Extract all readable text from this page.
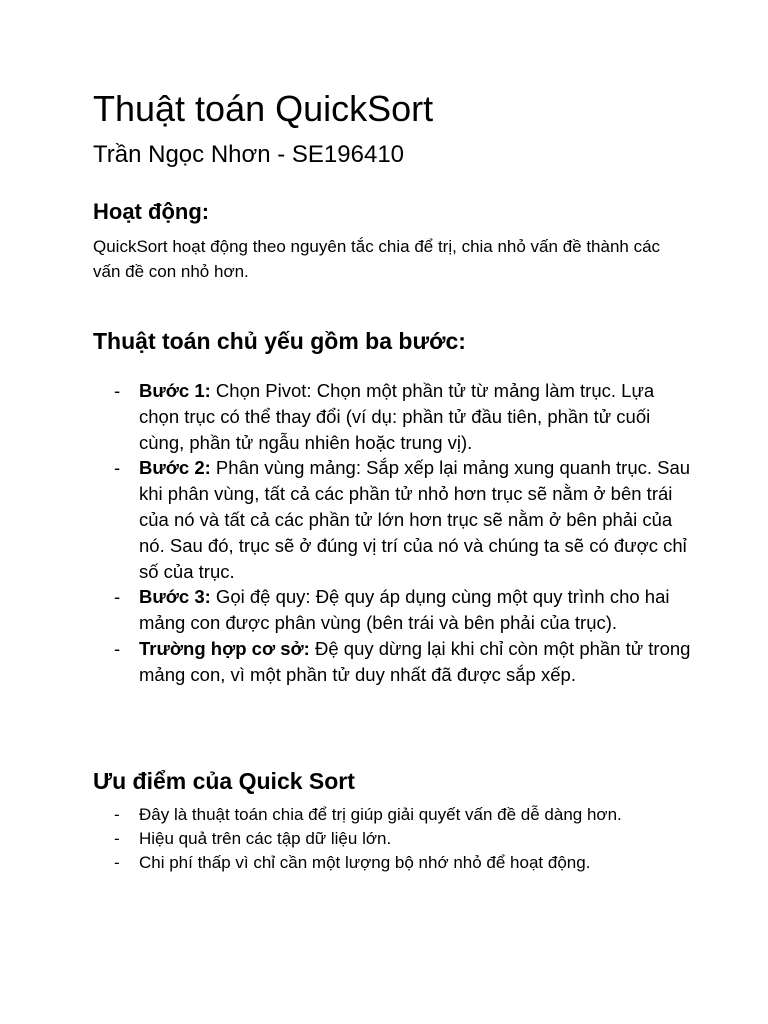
Thuật toán QuickSort
Trần Ngọc Nhơn - SE196410
Hoạt động:

QuickSort hoạt động theo nguyên tắc chia để trị, chia nhỏ vấn đề thành các vấn đề con nhỏ hơn.

Thuật toán chủ yếu gồm ba bước:
- Bước 1: Chọn Pivot: Chọn một phần tử từ mảng làm trục. Lựa chọn trục có thể thay đổi (ví dụ: phần tử đầu tiên, phần tử cuối cùng, phần tử ngẫu nhiên hoặc trung vị).
- Bước 2: Phân vùng mảng: Sắp xếp lại mảng xung quanh trục. Sau khi phân vùng, tất cả các phần tử nhỏ hơn trục sẽ nằm ở bên trái của nó và tất cả các phần tử lớn hơn trục sẽ nằm ở bên phải của nó. Sau đó, trục sẽ ở đúng vị trí của nó và chúng ta sẽ có được chỉ số của trục.
- Bước 3: Gọi đệ quy: Đệ quy áp dụng cùng một quy trình cho hai mảng con được phân vùng (bên trái và bên phải của trục).
- Trường hợp cơ sở: Đệ quy dừng lại khi chỉ còn một phần tử trong mảng con, vì một phần tử duy nhất đã được sắp xếp.
Ưu điểm của Quick Sort
- Đây là thuật toán chia để trị giúp giải quyết vấn đề dễ dàng hơn.
- Hiệu quả trên các tập dữ liệu lớn.
- Chi phí thấp vì chỉ cần một lượng bộ nhớ nhỏ để hoạt động.
